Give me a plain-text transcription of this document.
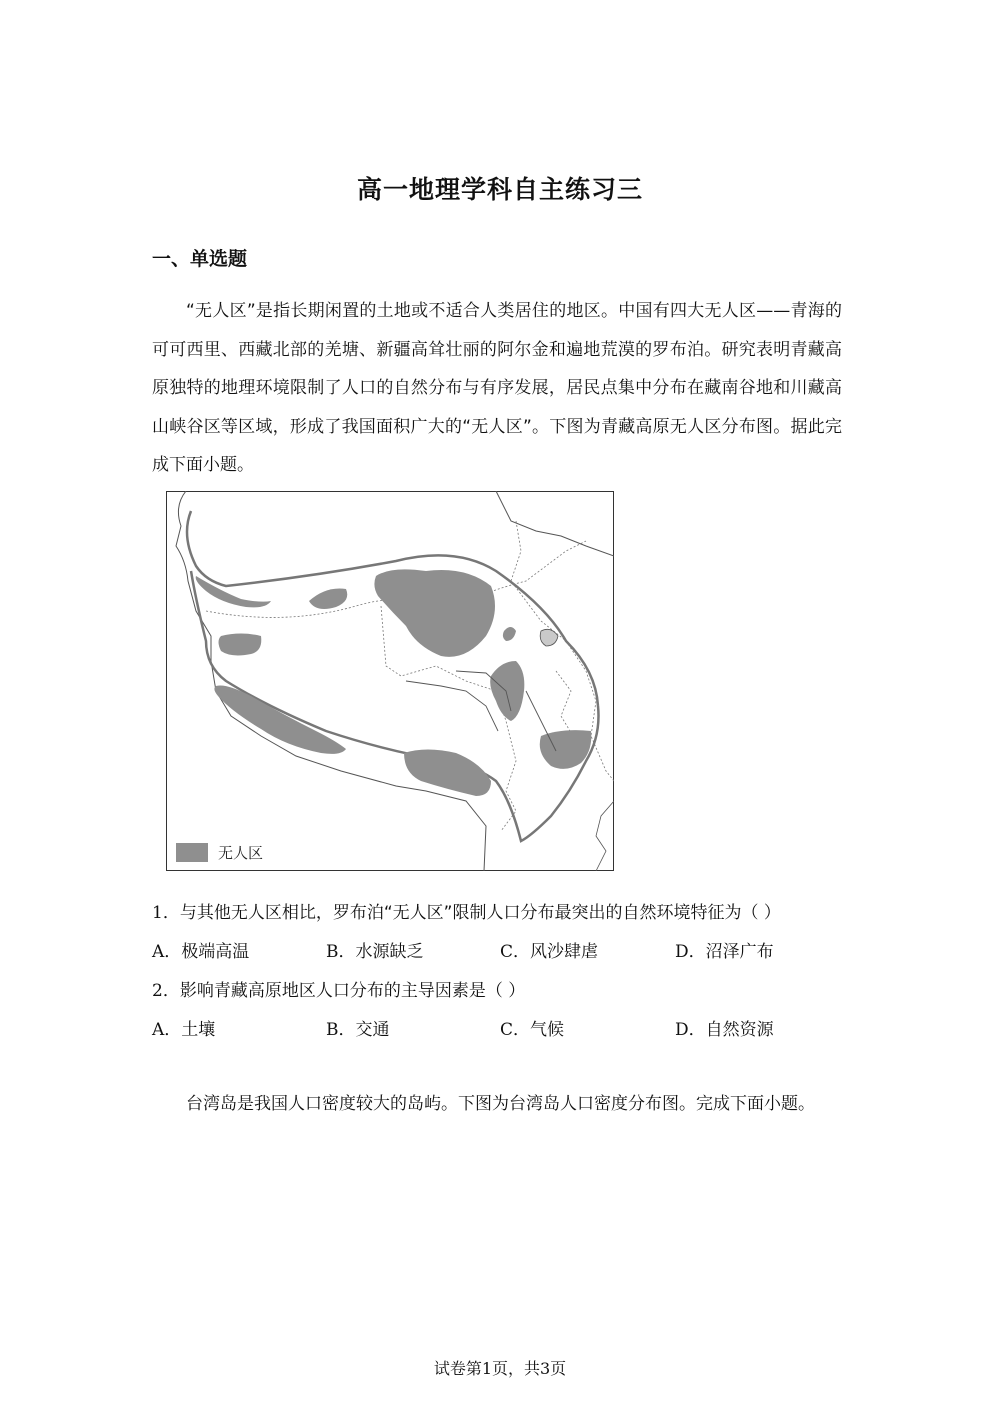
高一地理学科自主练习三
一、单选题
“无人区”是指长期闲置的土地或不适合人类居住的地区。中国有四大无人区——青海的可可西里、西藏北部的羌塘、新疆高耸壮丽的阿尔金和遍地荒漠的罗布泊。研究表明青藏高原独特的地理环境限制了人口的自然分布与有序发展，居民点集中分布在藏南谷地和川藏高山峡谷区等区域，形成了我国面积广大的“无人区”。下图为青藏高原无人区分布图。据此完成下面小题。
无人区
1．与其他无人区相比，罗布泊“无人区”限制人口分布最突出的自然环境特征为（ ）
A．极端高温	B．水源缺乏	C．风沙肆虐	D．沼泽广布
2．影响青藏高原地区人口分布的主导因素是（ ）
A．土壤	B．交通	C．气候	D．自然资源
台湾岛是我国人口密度较大的岛屿。下图为台湾岛人口密度分布图。完成下面小题。
试卷第1页，共3页
